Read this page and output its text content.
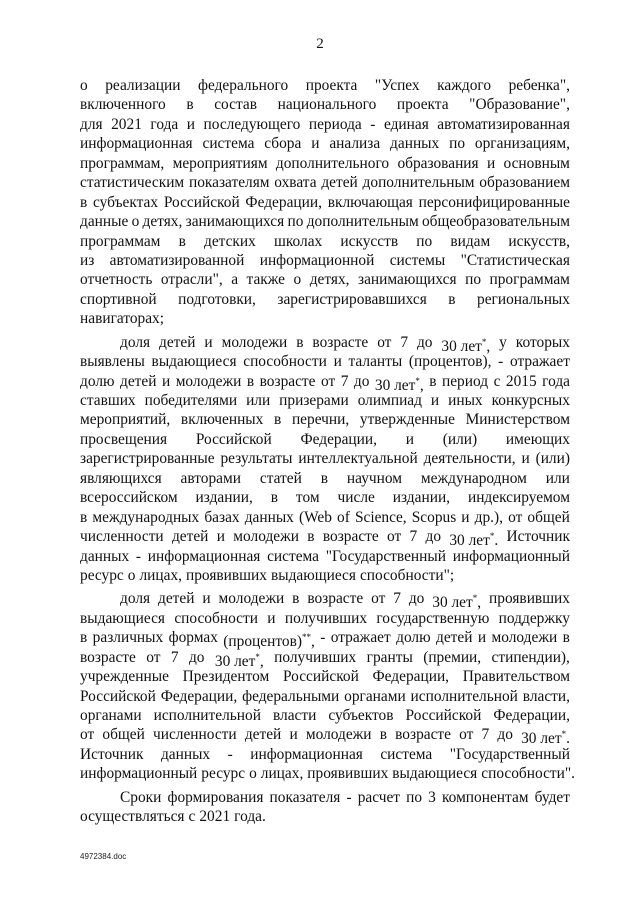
2
о реализации федерального проекта "Успех каждого ребенка",
включенного в состав национального проекта "Образование",
для 2021 года и последующего периода - единая автоматизированная
информационная система сбора и анализа данных по организациям,
программам, мероприятиям дополнительного образования и основным
статистическим показателям охвата детей дополнительным образованием
в субъектах Российской Федерации, включающая персонифицированные
данные о детях, занимающихся по дополнительным общеобразовательным
программам в детских школах искусств по видам искусств,
из автоматизированной информационной системы "Статистическая
отчетность отрасли", а также о детях, занимающихся по программам
спортивной подготовки, зарегистрировавшихся в региональных
навигаторах;
доля детей и молодежи в возрасте от 7 до 30 лет*, у которых
выявлены выдающиеся способности и таланты (процентов), - отражает
долю детей и молодежи в возрасте от 7 до 30 лет*, в период с 2015 года
ставших победителями или призерами олимпиад и иных конкурсных
мероприятий, включенных в перечни, утвержденные Министерством
просвещения Российской Федерации, и (или) имеющих
зарегистрированные результаты интеллектуальной деятельности, и (или)
являющихся авторами статей в научном международном или
всероссийском издании, в том числе издании, индексируемом
в международных базах данных (Web of Science, Scopus и др.), от общей
численности детей и молодежи в возрасте от 7 до 30 лет*. Источник
данных - информационная система "Государственный информационный
ресурс о лицах, проявивших выдающиеся способности";
доля детей и молодежи в возрасте от 7 до 30 лет*, проявивших
выдающиеся способности и получивших государственную поддержку
в различных формах (процентов)**, - отражает долю детей и молодежи в
возрасте от 7 до 30 лет*, получивших гранты (премии, стипендии),
учрежденные Президентом Российской Федерации, Правительством
Российской Федерации, федеральными органами исполнительной власти,
органами исполнительной власти субъектов Российской Федерации,
от общей численности детей и молодежи в возрасте от 7 до 30 лет*.
Источник данных - информационная система "Государственный
информационный ресурс о лицах, проявивших выдающиеся способности".
Сроки формирования показателя - расчет по 3 компонентам будет
осуществляться с 2021 года.
4972384.doc
